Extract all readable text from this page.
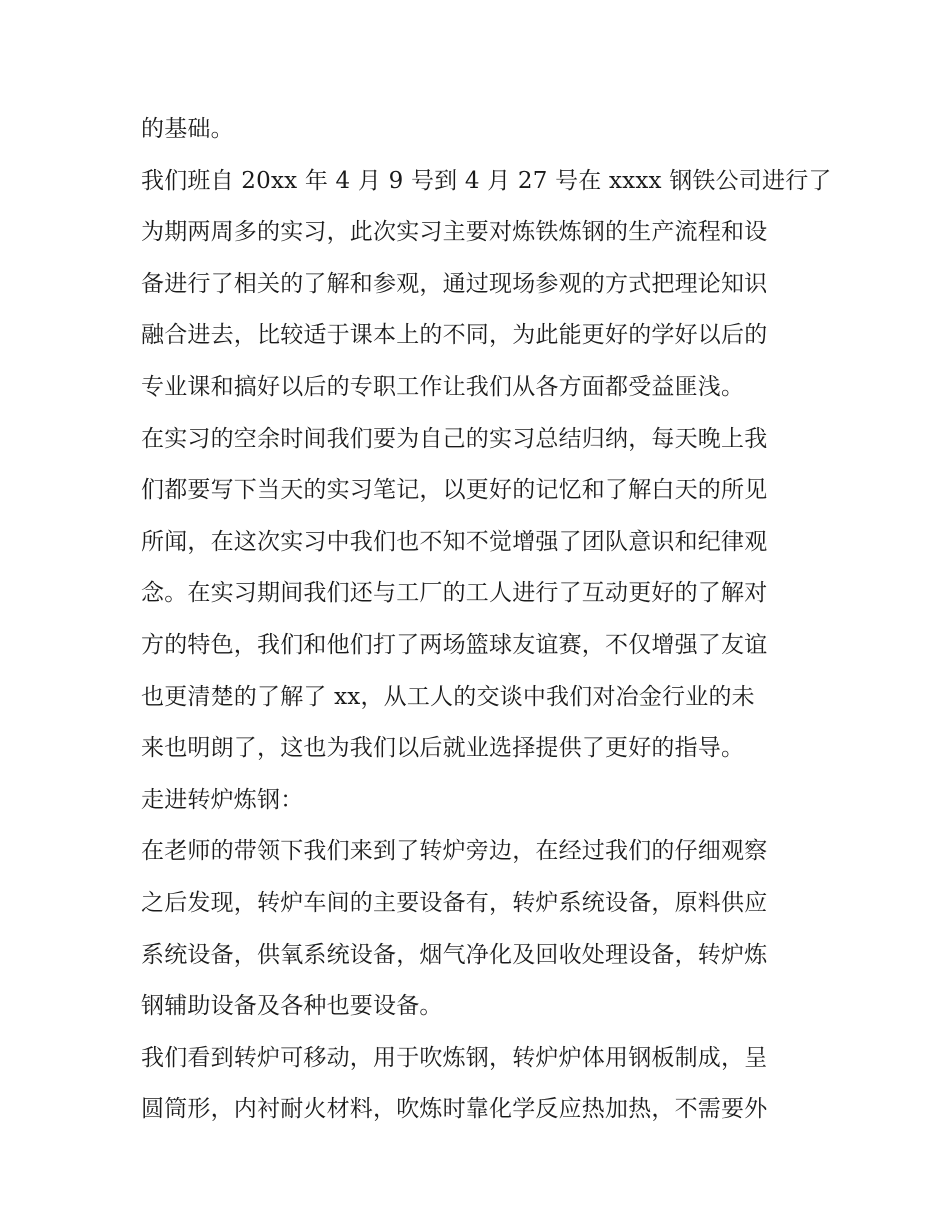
的基础。
我们班自 20xx 年 4 月 9 号到 4 月 27 号在 xxxx 钢铁公司进行了
为期两周多的实习，此次实习主要对炼铁炼钢的生产流程和设
备进行了相关的了解和参观，通过现场参观的方式把理论知识
融合进去，比较适于课本上的不同，为此能更好的学好以后的
专业课和搞好以后的专职工作让我们从各方面都受益匪浅。
在实习的空余时间我们要为自己的实习总结归纳，每天晚上我
们都要写下当天的实习笔记，以更好的记忆和了解白天的所见
所闻，在这次实习中我们也不知不觉增强了团队意识和纪律观
念。在实习期间我们还与工厂的工人进行了互动更好的了解对
方的特色，我们和他们打了两场篮球友谊赛，不仅增强了友谊
也更清楚的了解了 xx，从工人的交谈中我们对冶金行业的未
来也明朗了，这也为我们以后就业选择提供了更好的指导。
走进转炉炼钢：
在老师的带领下我们来到了转炉旁边，在经过我们的仔细观察
之后发现，转炉车间的主要设备有，转炉系统设备，原料供应
系统设备，供氧系统设备，烟气净化及回收处理设备，转炉炼
钢辅助设备及各种也要设备。
我们看到转炉可移动，用于吹炼钢，转炉炉体用钢板制成，呈
圆筒形，内衬耐火材料，吹炼时靠化学反应热加热，不需要外
